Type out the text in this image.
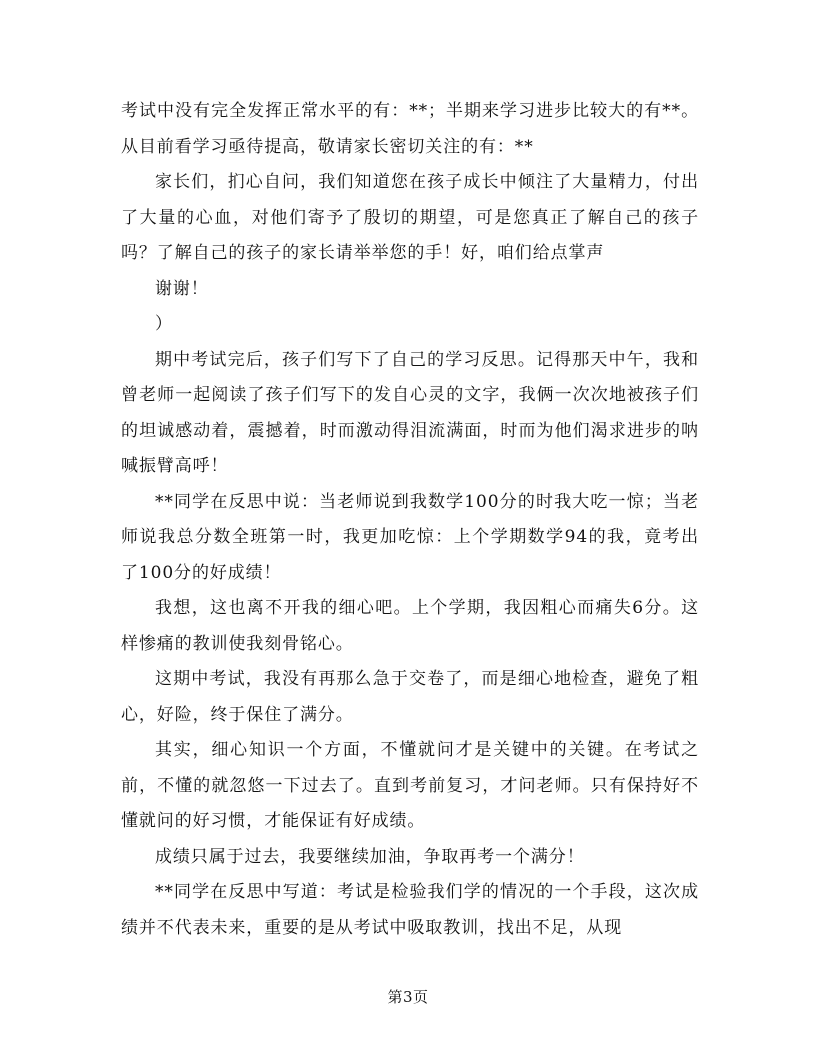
考试中没有完全发挥正常水平的有：**；半期来学习进步比较大的有**。从目前看学习亟待提高，敬请家长密切关注的有：**

家长们，扪心自问，我们知道您在孩子成长中倾注了大量精力，付出了大量的心血，对他们寄予了殷切的期望，可是您真正了解自己的孩子吗？了解自己的孩子的家长请举举您的手！好，咱们给点掌声

谢谢！

）

期中考试完后，孩子们写下了自己的学习反思。记得那天中午，我和曾老师一起阅读了孩子们写下的发自心灵的文字，我俩一次次地被孩子们的坦诚感动着，震撼着，时而激动得泪流满面，时而为他们渴求进步的呐喊振臂高呼！

**同学在反思中说：当老师说到我数学100分的时我大吃一惊；当老师说我总分数全班第一时，我更加吃惊：上个学期数学94的我，竟考出了100分的好成绩！

我想，这也离不开我的细心吧。上个学期，我因粗心而痛失6分。这样惨痛的教训使我刻骨铭心。

这期中考试，我没有再那么急于交卷了，而是细心地检查，避免了粗心，好险，终于保住了满分。

其实，细心知识一个方面，不懂就问才是关键中的关键。在考试之前，不懂的就忽悠一下过去了。直到考前复习，才问老师。只有保持好不懂就问的好习惯，才能保证有好成绩。

成绩只属于过去，我要继续加油，争取再考一个满分！

**同学在反思中写道：考试是检验我们学的情况的一个手段，这次成绩并不代表未来，重要的是从考试中吸取教训，找出不足，从现

第3页
